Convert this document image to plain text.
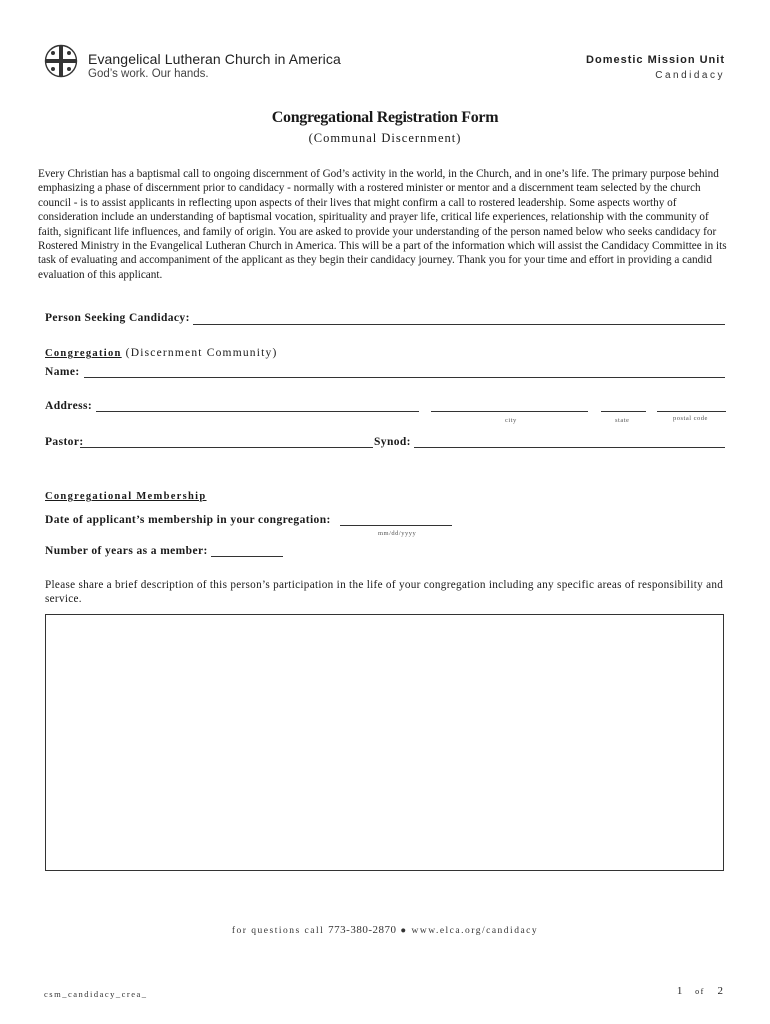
Evangelical Lutheran Church in America
God’s work. Our hands.
Domestic Mission Unit
Candidacy
Congregational Registration Form
(Communal Discernment)
Every Christian has a baptismal call to ongoing discernment of God’s activity in the world, in the Church, and in one’s life. The primary purpose behind emphasizing a phase of discernment prior to candidacy - normally with a rostered minister or mentor and a discernment team selected by the church council - is to assist applicants in reflecting upon aspects of their lives that might confirm a call to rostered leadership. Some aspects worthy of consideration include an understanding of baptismal vocation, spirituality and prayer life, critical life experiences, relationship with the community of faith, significant life influences, and family of origin. You are asked to provide your understanding of the person named below who seeks candidacy for Rostered Ministry in the Evangelical Lutheran Church in America. This will be a part of the information which will assist the Candidacy Committee in its task of evaluating and accompaniment of the applicant as they begin their candidacy journey. Thank you for your time and effort in providing a candid evaluation of this applicant.
Person Seeking Candidacy:
Congregation (Discernment Community)
Name:
Address:
city	state	postal code
Pastor:	Synod:
Congregational Membership
Date of applicant’s membership in your congregation:
mm/dd/yyyy
Number of years as a member:
Please share a brief description of this person’s participation in the life of your congregation including any specific areas of responsibility and service.
for questions call 773-380-2870 ● www.elca.org/candidacy
csm_candidacy_crea_	1 of 2
